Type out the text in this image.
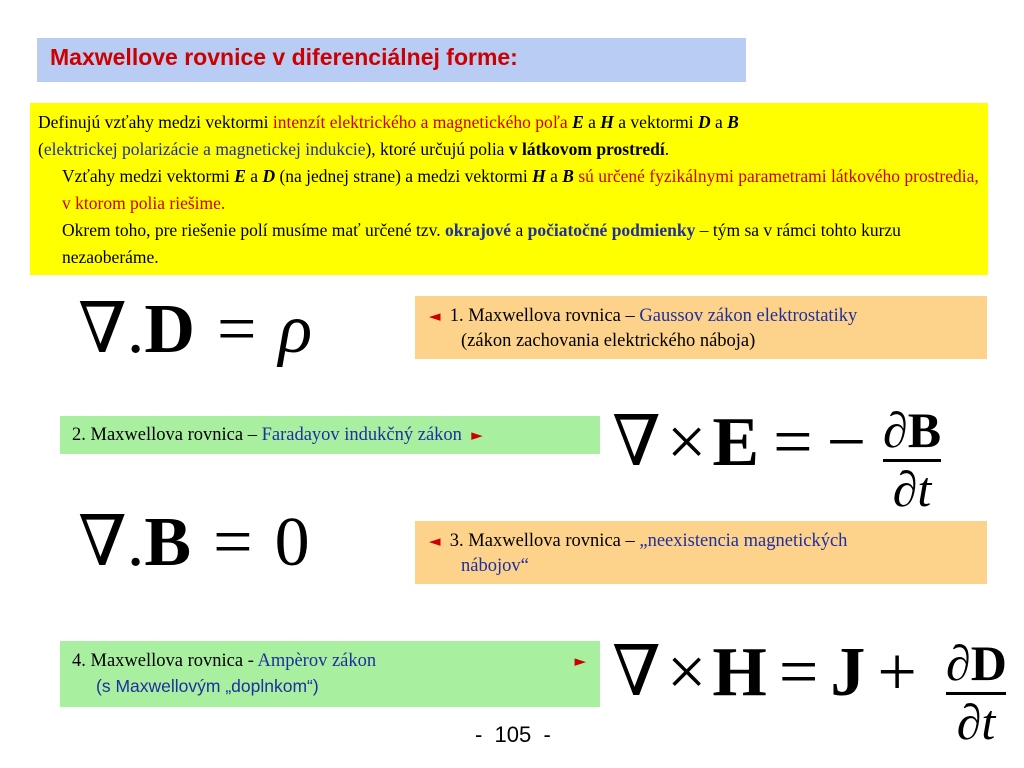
Maxwellove rovnice v diferenciálnej forme:
Definujú vzťahy medzi vektormi intenzít elektrického a magnetického poľa E a H a vektormi D a B
(elektrickej polarizácie a magnetickej indukcie), ktoré určujú polia v látkovom prostredí.
Vzťahy medzi vektormi E a D (na jednej strane) a medzi vektormi H a B sú určené fyzikálnymi parametrami látkového prostredia, v ktorom polia riešime.
Okrem toho, pre riešenie polí musíme mať určené tzv. okrajové a počiatočné podmienky – tým sa v rámci tohto kurzu nezaoberáme.
∇.D = ρ	◄ 1. Maxwellova rovnica – Gaussov zákon elektrostatiky
(zákon zachovania elektrického náboja)
2. Maxwellova rovnica – Faradayov indukčný zákon ►	∇×E = − ∂B
∂t
∇.B = 0	◄ 3. Maxwellova rovnica – „neexistencia magnetických
nábojov“
4. Maxwellova rovnica - Ampèrov zákon	►
(s Maxwellovým „doplnkom“)	∇×H = J + ∂D
∂t
-  105  -
